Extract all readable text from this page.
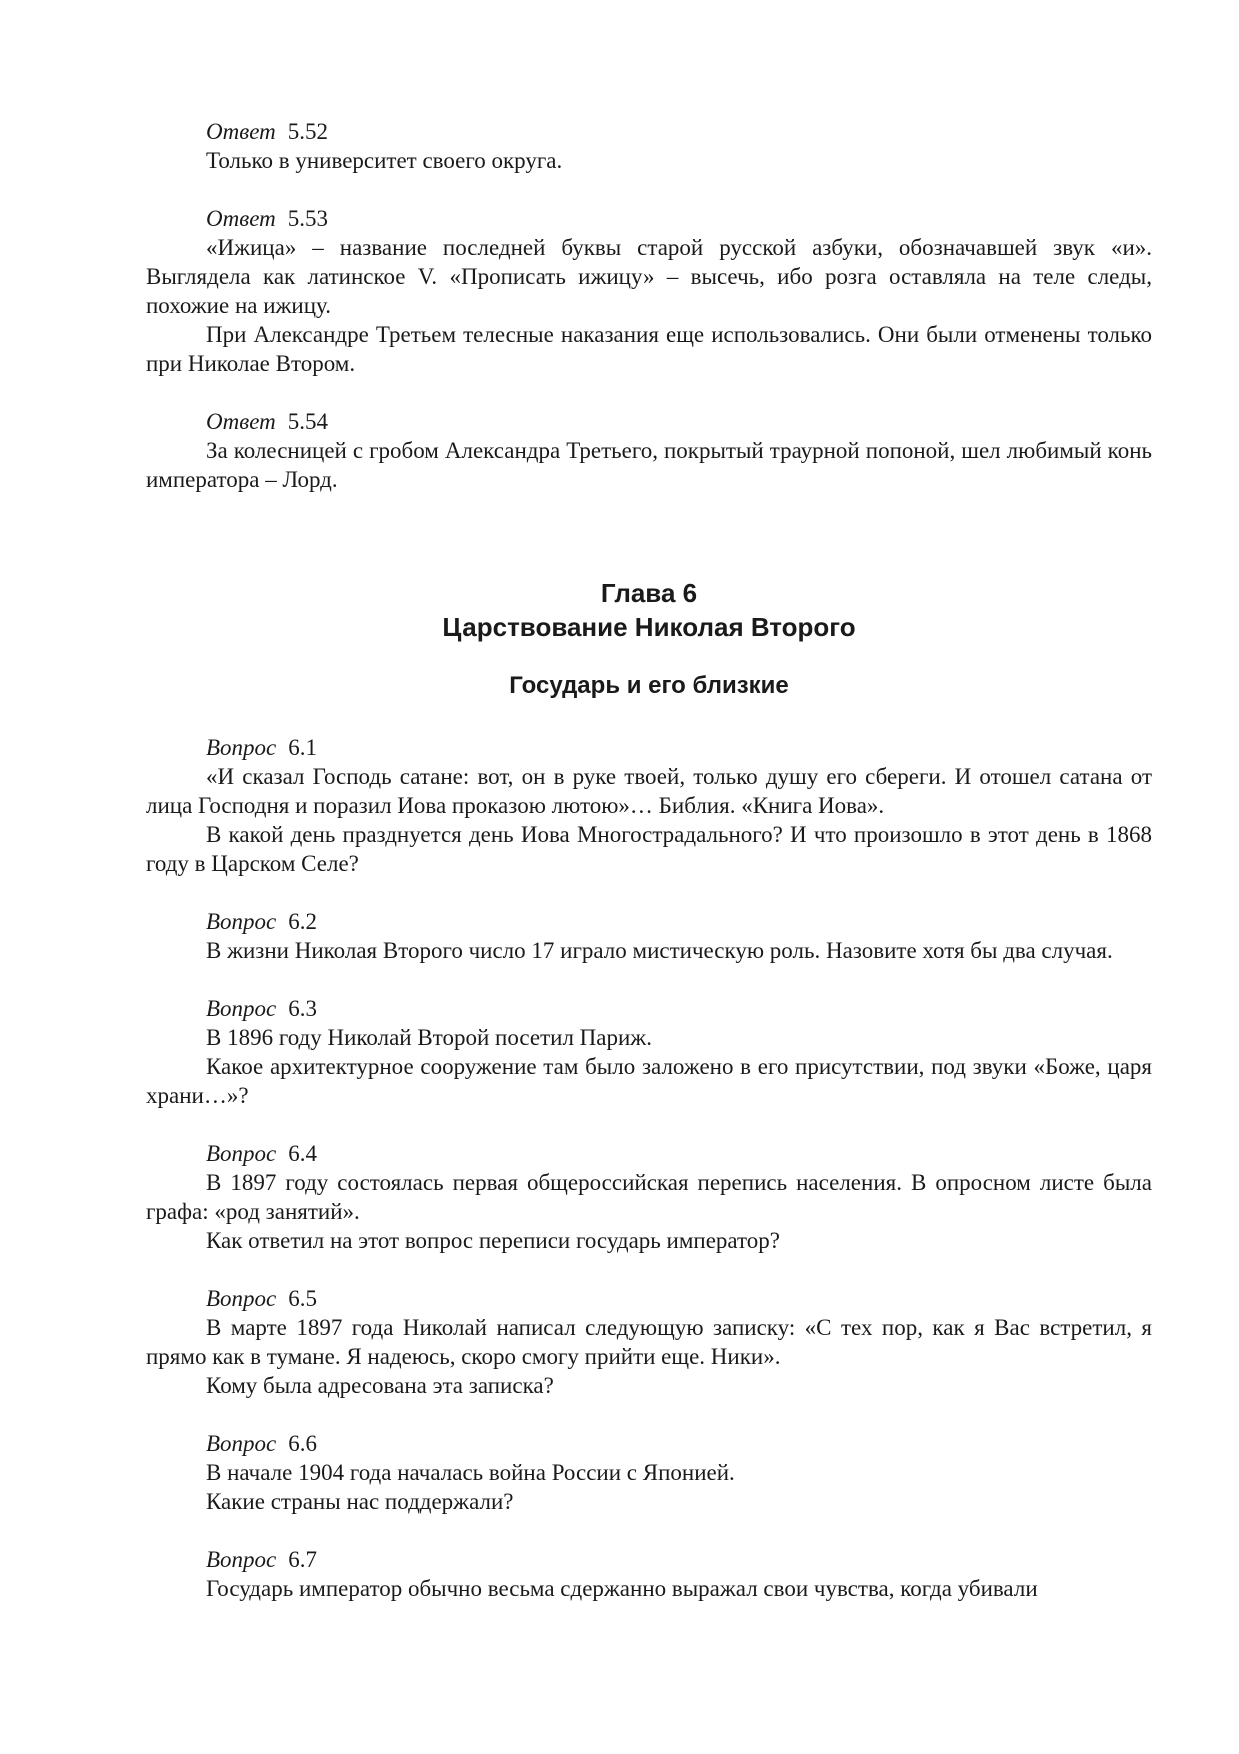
Ответ 5.52

Только в университет своего округа.

Ответ 5.53

«Ижица» – название последней буквы старой русской азбуки, обозначавшей звук «и». Выглядела как латинское V. «Прописать ижицу» – высечь, ибо розга оставляла на теле следы, похожие на ижицу.

При Александре Третьем телесные наказания еще использовались. Они были отменены только при Николае Втором.

Ответ 5.54

За колесницей с гробом Александра Третьего, покрытый траурной попоной, шел любимый конь императора – Лорд.

Глава 6
Царствование Николая Второго
Государь и его близкие
Вопрос 6.1

«И сказал Господь сатане: вот, он в руке твоей, только душу его сбереги. И отошел сатана от лица Господня и поразил Иова проказою лютою»… Библия. «Книга Иова».

В какой день празднуется день Иова Многострадального? И что произошло в этот день в 1868 году в Царском Селе?

Вопрос 6.2

В жизни Николая Второго число 17 играло мистическую роль. Назовите хотя бы два случая.

Вопрос 6.3

В 1896 году Николай Второй посетил Париж.

Какое архитектурное сооружение там было заложено в его присутствии, под звуки «Боже, царя храни…»?

Вопрос 6.4

В 1897 году состоялась первая общероссийская перепись населения. В опросном листе была графа: «род занятий».

Как ответил на этот вопрос переписи государь император?

Вопрос 6.5

В марте 1897 года Николай написал следующую записку: «С тех пор, как я Вас встретил, я прямо как в тумане. Я надеюсь, скоро смогу прийти еще. Ники».

Кому была адресована эта записка?

Вопрос 6.6

В начале 1904 года началась война России с Японией.

Какие страны нас поддержали?

Вопрос 6.7

Государь император обычно весьма сдержанно выражал свои чувства, когда убивали
